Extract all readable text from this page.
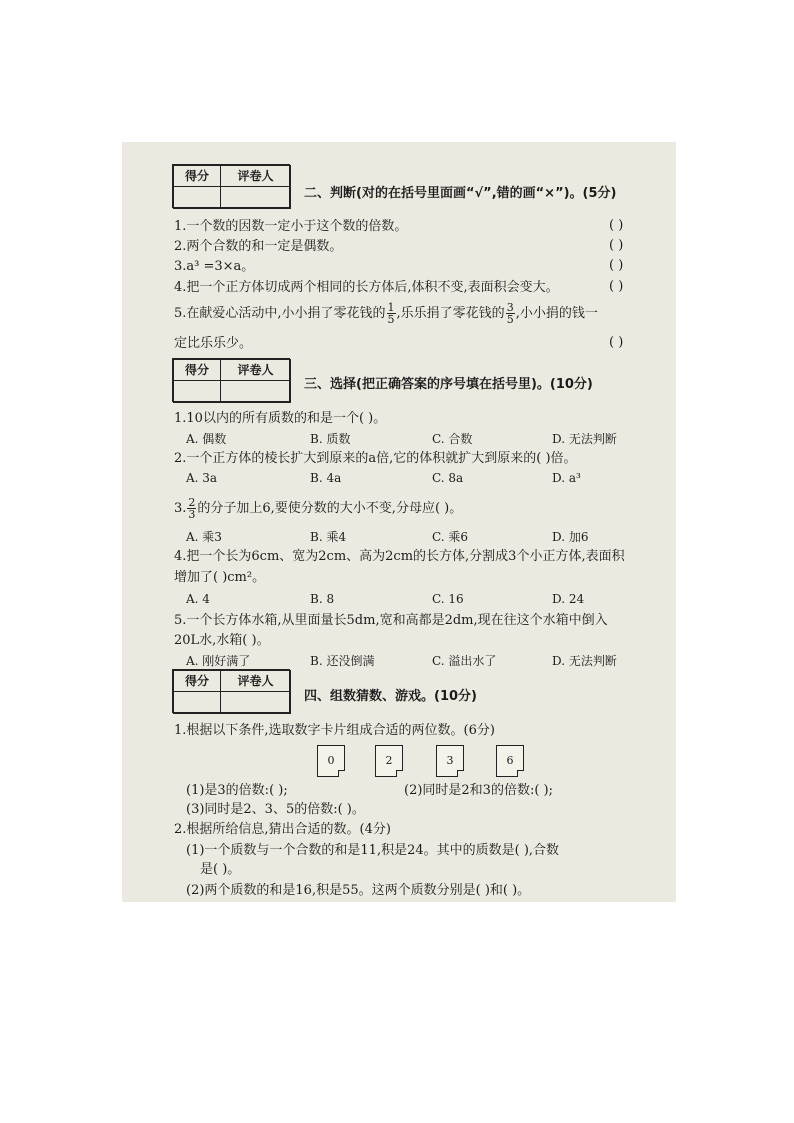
得分	评卷人
二、判断(对的在括号里面画“√”,错的画“×”)。(5分)
1.一个数的因数一定小于这个数的倍数。	( )
2.两个合数的和一定是偶数。	( )
3.a³ =3×a。	( )
4.把一个正方体切成两个相同的长方体后,体积不变,表面积会变大。	( )
5.在献爱心活动中,小小捐了零花钱的 $\frac{1}{5}$ ,乐乐捐了零花钱的 $\frac{3}{5}$ ,小小捐的钱一
定比乐乐少。	( )
得分	评卷人
三、选择(把正确答案的序号填在括号里)。(10分)
1.10以内的所有质数的和是一个( )。
A. 偶数	B. 质数	C. 合数	D. 无法判断
2.一个正方体的棱长扩大到原来的a倍,它的体积就扩大到原来的( )倍。
A. 3a	B. 4a	C. 8a	D. a³
3. $\frac{2}{3}$ 的分子加上6,要使分数的大小不变,分母应( )。
A. 乘3	B. 乘4	C. 乘6	D. 加6
4.把一个长为6cm、宽为2cm、高为2cm的长方体,分割成3个小正方体,表面积
增加了( )cm²。
A. 4	B. 8	C. 16	D. 24
5.一个长方体水箱,从里面量长5dm,宽和高都是2dm,现在往这个水箱中倒入
20L水,水箱( )。
A. 刚好满了	B. 还没倒满	C. 溢出水了	D. 无法判断
得分	评卷人
四、组数猜数、游戏。(10分)
1.根据以下条件,选取数字卡片组成合适的两位数。(6分)
0	2	3	6
(1)是3的倍数:( );	(2)同时是2和3的倍数:( );
(3)同时是2、3、5的倍数:( )。
2.根据所给信息,猜出合适的数。(4分)
(1)一个质数与一个合数的和是11,积是24。其中的质数是( ),合数
是( )。
(2)两个质数的和是16,积是55。这两个质数分别是( )和( )。
